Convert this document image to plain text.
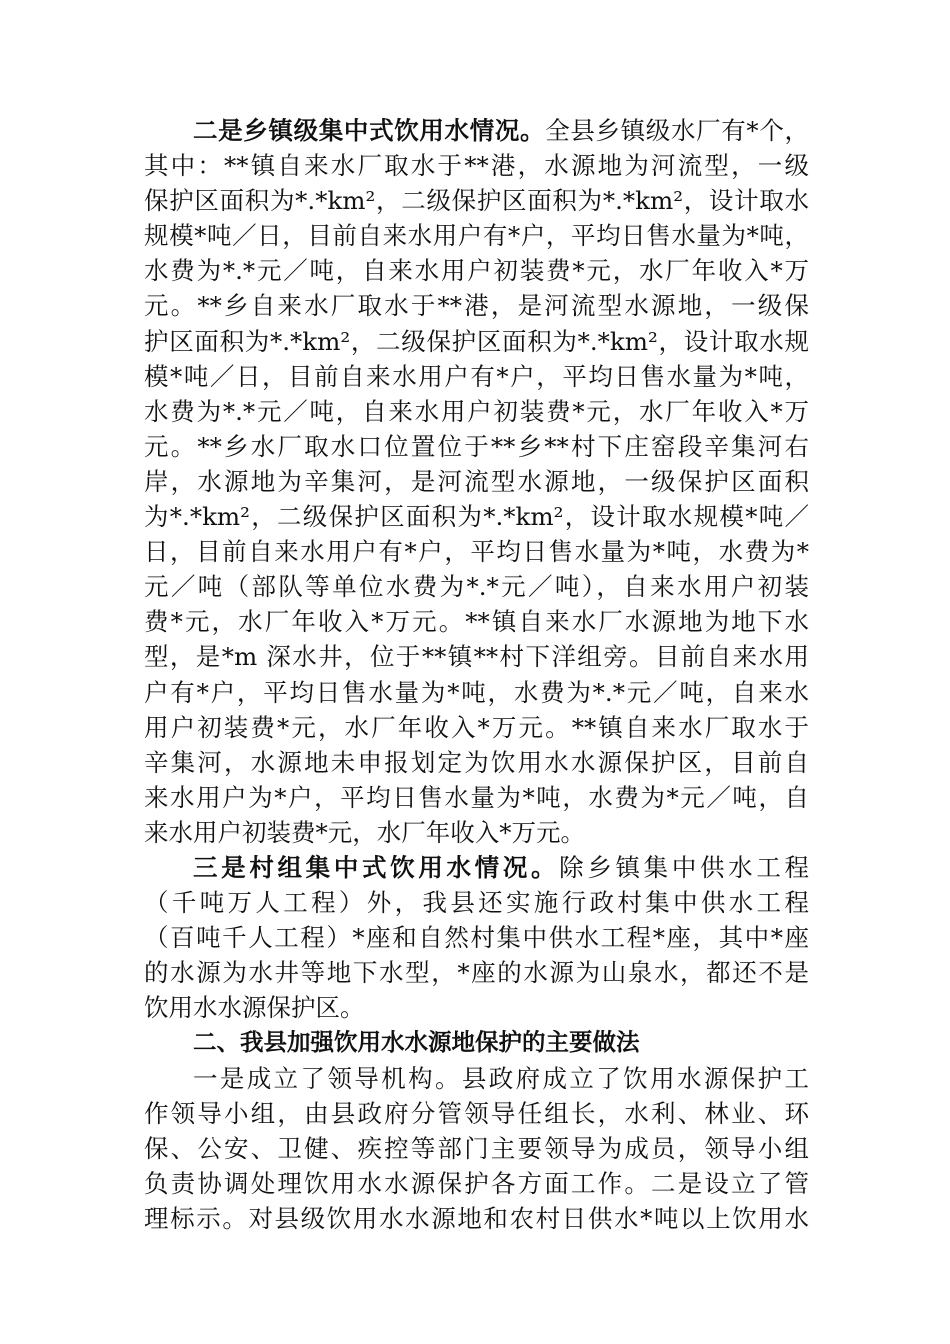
二是乡镇级集中式饮用水情况。全县乡镇级水厂有*个，
其中：**镇自来水厂取水于**港，水源地为河流型，一级
保护区面积为*.*km²，二级保护区面积为*.*km²，设计取水
规模*吨／日，目前自来水用户有*户，平均日售水量为*吨，
水费为*.*元／吨，自来水用户初装费*元，水厂年收入*万
元。**乡自来水厂取水于**港，是河流型水源地，一级保
护区面积为*.*km²，二级保护区面积为*.*km²，设计取水规
模*吨／日，目前自来水用户有*户，平均日售水量为*吨，
水费为*.*元／吨，自来水用户初装费*元，水厂年收入*万
元。**乡水厂取水口位置位于**乡**村下庄窑段辛集河右
岸，水源地为辛集河，是河流型水源地，一级保护区面积
为*.*km²，二级保护区面积为*.*km²，设计取水规模*吨／
日，目前自来水用户有*户，平均日售水量为*吨，水费为*
元／吨（部队等单位水费为*.*元／吨），自来水用户初装
费*元，水厂年收入*万元。**镇自来水厂水源地为地下水
型，是*m 深水井，位于**镇**村下洋组旁。目前自来水用
户有*户，平均日售水量为*吨，水费为*.*元／吨，自来水
用户初装费*元，水厂年收入*万元。**镇自来水厂取水于
辛集河，水源地未申报划定为饮用水水源保护区，目前自
来水用户为*户，平均日售水量为*吨，水费为*元／吨，自
来水用户初装费*元，水厂年收入*万元。
三是村组集中式饮用水情况。除乡镇集中供水工程
（千吨万人工程）外，我县还实施行政村集中供水工程
（百吨千人工程）*座和自然村集中供水工程*座，其中*座
的水源为水井等地下水型，*座的水源为山泉水，都还不是
饮用水水源保护区。
二、我县加强饮用水水源地保护的主要做法
一是成立了领导机构。县政府成立了饮用水源保护工
作领导小组，由县政府分管领导任组长，水利、林业、环
保、公安、卫健、疾控等部门主要领导为成员，领导小组
负责协调处理饮用水水源保护各方面工作。二是设立了管
理标示。对县级饮用水水源地和农村日供水*吨以上饮用水
